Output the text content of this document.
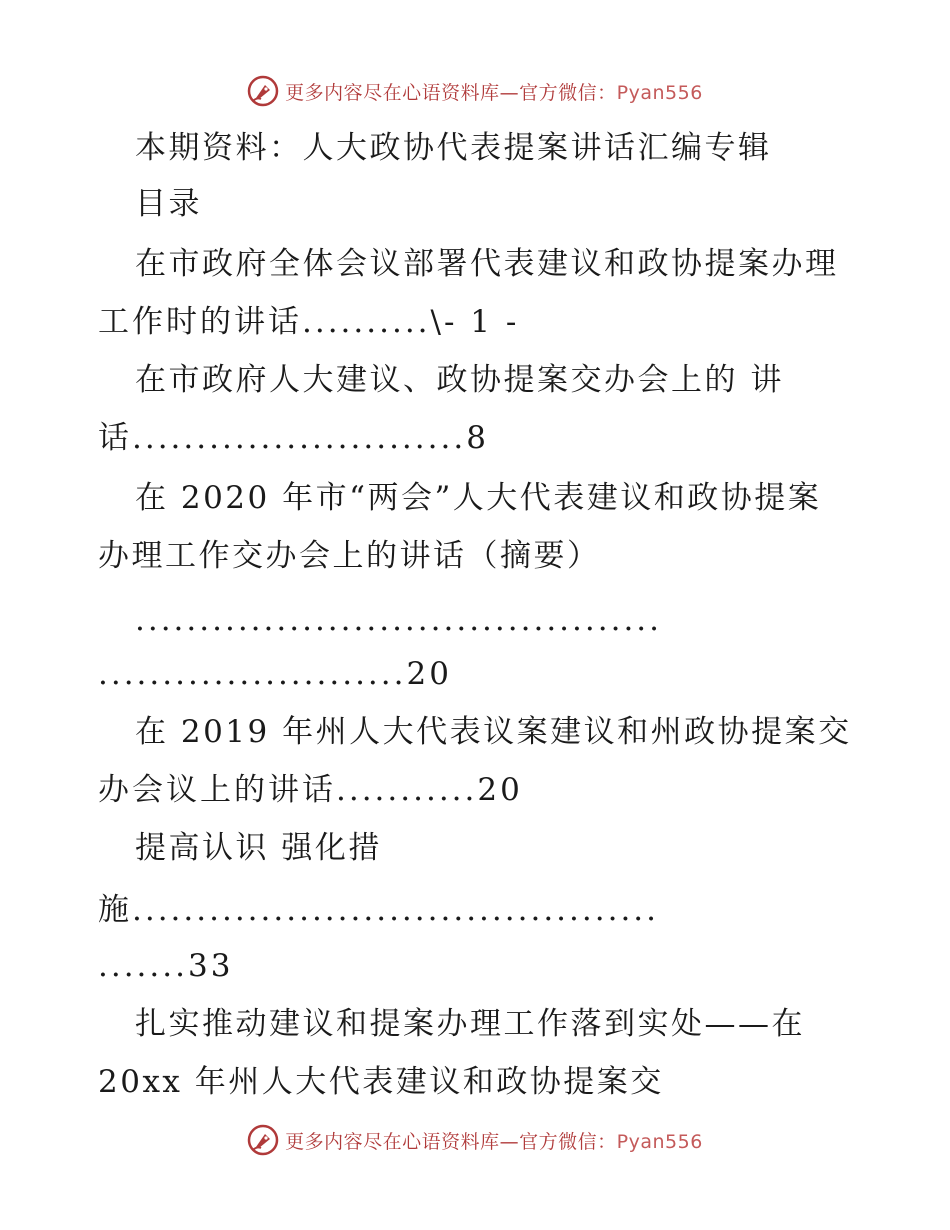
更多内容尽在心语资料库—官方微信：Pyan556
本期资料：人大政协代表提案讲话汇编专辑
目录
在市政府全体会议部署代表建议和政协提案办理
工作时的讲话..........\- 1 -
在市政府人大建议、政协提案交办会上的 讲
话..........................8
在 2020 年市“两会”人大代表建议和政协提案
办理工作交办会上的讲话（摘要）
.........................................
........................20
在 2019 年州人大代表议案建议和州政协提案交
办会议上的讲话...........20
提高认识 强化措
施.........................................
.......33
扎实推动建议和提案办理工作落到实处——在
20xx 年州人大代表建议和政协提案交
更多内容尽在心语资料库—官方微信：Pyan556
